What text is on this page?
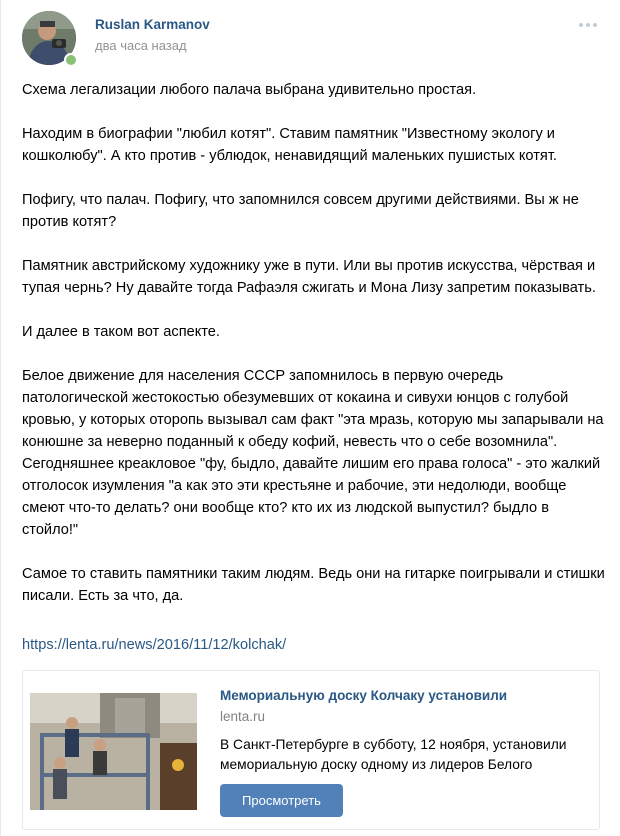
Ruslan Karmanov
два часа назад

Схема легализации любого палача выбрана удивительно простая.

Находим в биографии "любил котят". Ставим памятник "Известному экологу и кошколюбу". А кто против - ублюдок, ненавидящий маленьких пушистых котят.

Пофигу, что палач. Пофигу, что запомнился совсем другими действиями. Вы ж не против котят?

Памятник австрийскому художнику уже в пути. Или вы против искусства, чёрствая и тупая чернь? Ну давайте тогда Рафаэля сжигать и Мона Лизу запретим показывать.

И далее в таком вот аспекте.

Белое движение для населения СССР запомнилось в первую очередь патологической жестокостью обезумевших от кокаина и сивухи юнцов с голубой кровью, у которых оторопь вызывал сам факт "эта мразь, которую мы запарывали на конюшне за неверно поданный к обеду кофий, невесть что о себе возомнила". Сегодняшнее креакловое "фу, быдло, давайте лишим его права голоса" - это жалкий отголосок изумления "а как это эти крестьяне и рабочие, эти недолюди, вообще смеют что-то делать? они вообще кто? кто их из людской выпустил? быдло в стойло!"

Самое то ставить памятники таким людям. Ведь они на гитарке поигрывали и стишки писали. Есть за что, да.

https://lenta.ru/news/2016/11/12/kolchak/
Мемориальную доску Колчаку установили
lenta.ru
В Санкт-Петербурге в субботу, 12 ноября, установили мемориальную доску одному из лидеров Белого
Просмотреть
